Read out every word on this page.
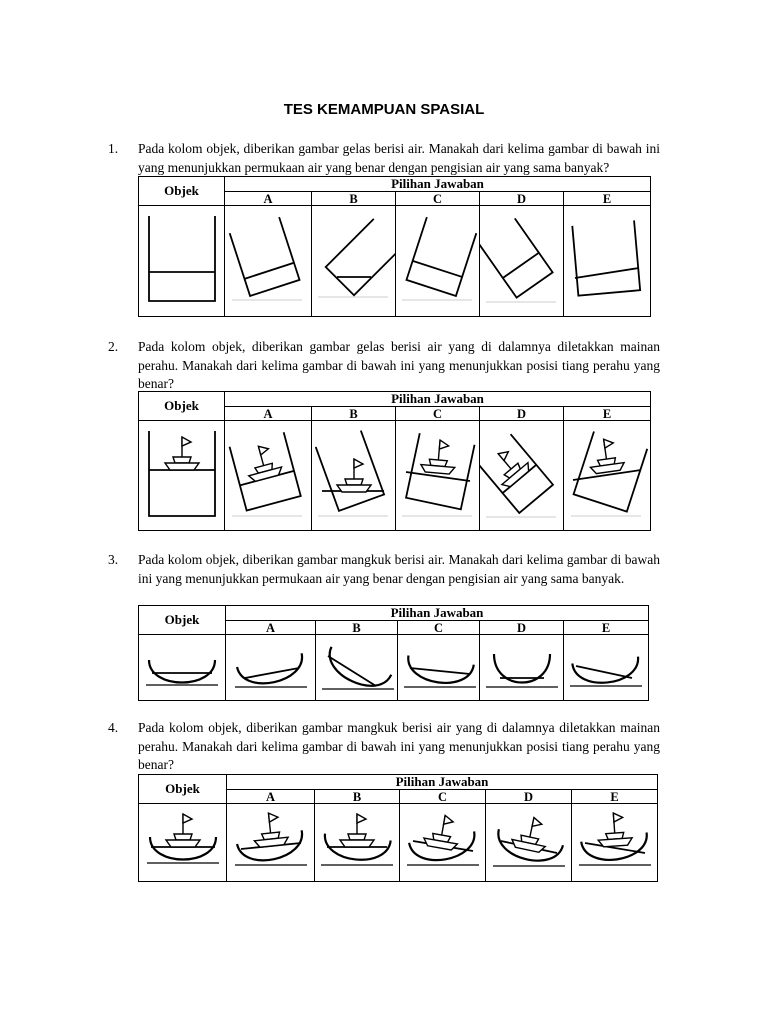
TES KEMAMPUAN SPASIAL
1. Pada kolom objek, diberikan gambar gelas berisi air. Manakah dari kelima gambar di bawah ini yang menunjukkan permukaan air yang benar dengan pengisian air yang sama banyak?
Objek	Pilihan Jawaban				
	A	B	C	D	E

2. Pada kolom objek, diberikan gambar gelas berisi air yang di dalamnya diletakkan mainan perahu. Manakah dari kelima gambar di bawah ini yang menunjukkan posisi tiang perahu yang benar?
Objek	Pilihan Jawaban				
	A	B	C	D	E

3. Pada kolom objek, diberikan gambar mangkuk berisi air. Manakah dari kelima gambar di bawah ini yang menunjukkan permukaan air yang benar dengan pengisian air yang sama banyak.
Objek	Pilihan Jawaban				
	A	B	C	D	E

4. Pada kolom objek, diberikan gambar mangkuk berisi air yang di dalamnya diletakkan mainan perahu. Manakah dari kelima gambar di bawah ini yang menunjukkan posisi tiang perahu yang benar?
Objek	Pilihan Jawaban				
	A	B	C	D	E
